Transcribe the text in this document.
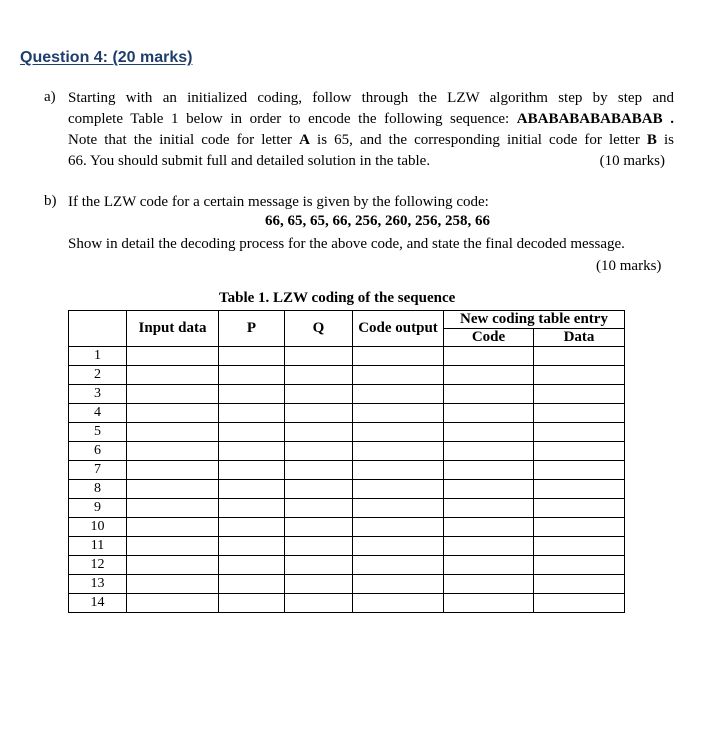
Question 4: (20 marks)
a) Starting with an initialized coding, follow through the LZW algorithm step by step and
complete Table 1 below in order to encode the following sequence: ABABABABABABAB .
Note that the initial code for letter A is 65, and the corresponding initial code for letter B is
66. You should submit full and detailed solution in the table.	(10 marks)
b) If the LZW code for a certain message is given by the following code:
66, 65, 65, 66, 256, 260, 256, 258, 66
Show in detail the decoding process for the above code, and state the final decoded message.
(10 marks)
Table 1. LZW coding of the sequence
	Input data	P	Q	Code output	New coding table entry	
					Code	Data
1						
2						
3						
4						
5						
6						
7						
8						
9						
10						
11						
12						
13						
14						
